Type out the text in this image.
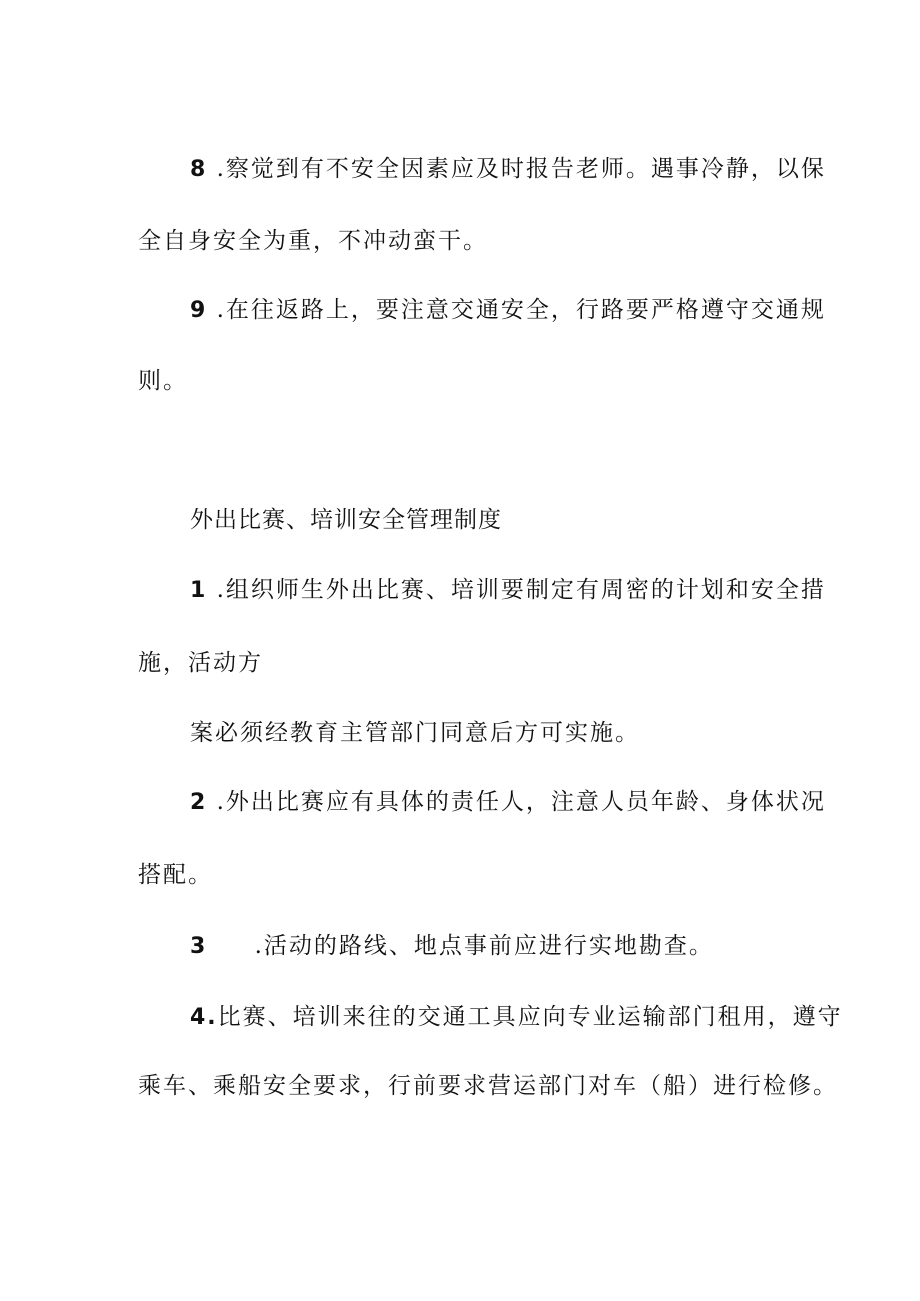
8 .察觉到有不安全因素应及时报告老师。遇事冷静，以保
全自身安全为重，不冲动蛮干。
9 .在往返路上，要注意交通安全，行路要严格遵守交通规
则。
外出比赛、培训安全管理制度
1 .组织师生外出比赛、培训要制定有周密的计划和安全措
施，活动方
案必须经教育主管部门同意后方可实施。
2 .外出比赛应有具体的责任人，注意人员年龄、身体状况
搭配。
3 .活动的路线、地点事前应进行实地勘查。
4.比赛、培训来往的交通工具应向专业运输部门租用，遵守
乘车、乘船安全要求，行前要求营运部门对车（船）进行检修。
